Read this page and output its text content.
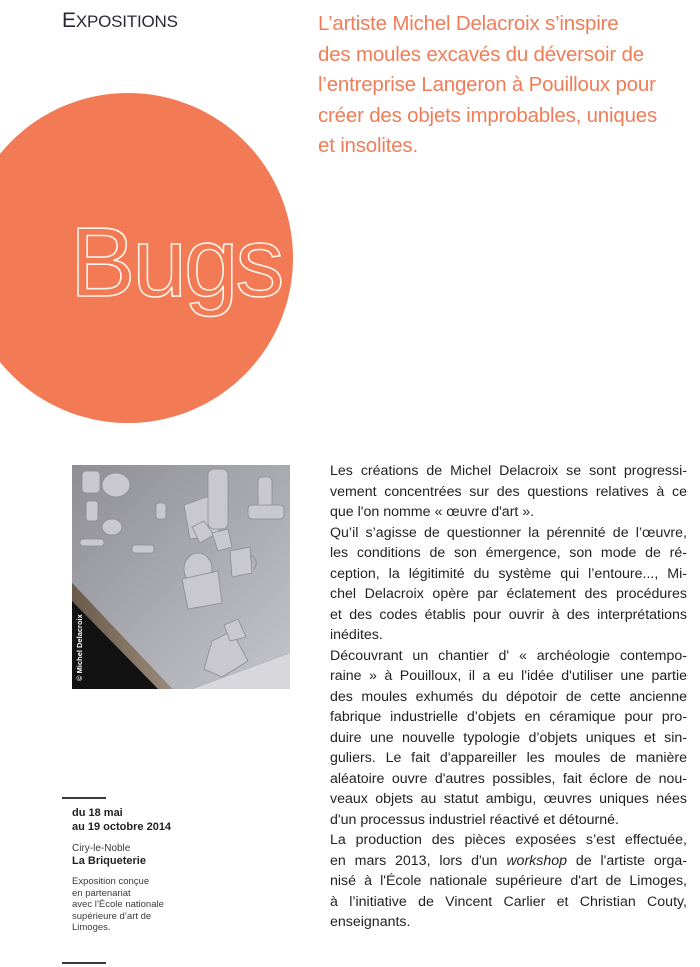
EXPOSITIONS	L’artiste Michel Delacroix s’inspire
des moules excavés du déversoir de
l’entreprise Langeron à Pouilloux pour
créer des objets improbables, uniques
et insolites.
Bugs
© Michel Delacroix
du 18 mai
au 19 octobre 2014
Ciry-le-Noble
La Briqueterie
Exposition conçue
en partenariat
avec l’École nationale
supérieure d’art de
Limoges.
Les créations de Michel Delacroix se sont progressi-
vement concentrées sur des questions relatives à ce
que l'on nomme « œuvre d'art ».
Qu’il s’agisse de questionner la pérennité de l’œuvre,
les conditions de son émergence, son mode de ré-
ception, la légitimité du système qui l’entoure..., Mi-
chel Delacroix opère par éclatement des procédures
et des codes établis pour ouvrir à des interprétations
inédites.
Découvrant un chantier d' « archéologie contempo-
raine » à Pouilloux, il a eu l'idée d'utiliser une partie
des moules exhumés du dépotoir de cette ancienne
fabrique industrielle d’objets en céramique pour pro-
duire une nouvelle typologie d’objets uniques et sin-
guliers. Le fait d'appareiller les moules de manière
aléatoire ouvre d'autres possibles, fait éclore de nou-
veaux objets au statut ambigu, œuvres uniques nées
d'un processus industriel réactivé et détourné.
La production des pièces exposées s’est effectuée,
en mars 2013, lors d'un workshop de l'artiste orga-
nisé à l'École nationale supérieure d'art de Limoges,
à l’initiative de Vincent Carlier et Christian Couty,
enseignants.
